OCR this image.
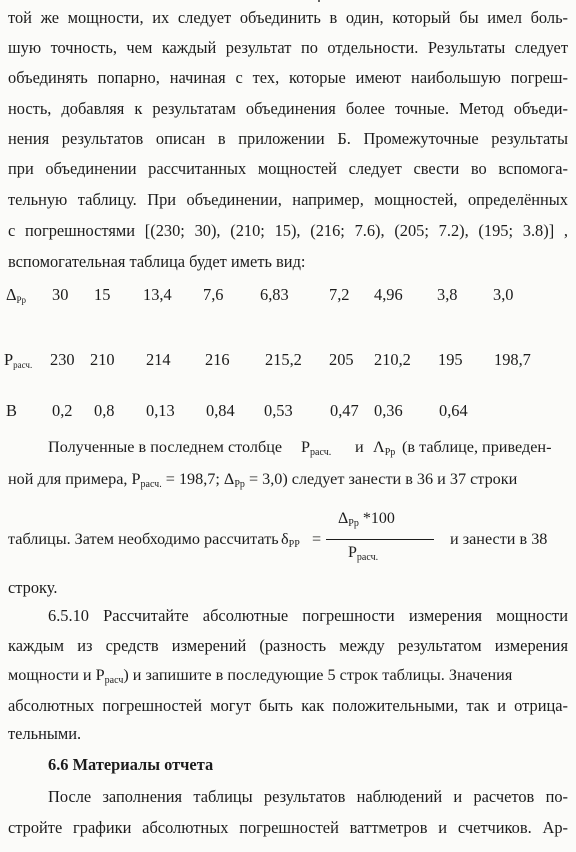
той же мощности, их следует объединить в один, который бы имел боль-
шую точность, чем каждый результат по отдельности. Результаты следует
объединять попарно, начиная с тех, которые имеют наибольшую погреш-
ность, добавляя к результатам объединения более точные. Метод объеди-
нения результатов описан в приложении Б. Промежуточные результаты
при объединении рассчитанных мощностей следует свести во вспомога-
тельную таблицу. При объединении, например, мощностей, определённых
с погрешностями [(230; 30), (210; 15), (216; 7.6), (205; 7.2), (195; 3.8)] ,
вспомогательная таблица будет иметь вид:
$\Delta_{Pp}$ 30 15 13,4 7,6 6,83 7,2 4,96 3,8 3,0
$P_{расч.}$ 230 210 214 216 215,2 205 210,2 195 198,7
B 0,2 0,8 0,13 0,84 0,53 0,47 0,36 0,64
Полученные в последнем столбце $P_{расч.}$ и $\Lambda_{Pp}$ (в таблице, приведен-
ной для примера, $P_{расч.} = 198,7$; $\Delta_{Pp} = 3,0$) следует занести в 36 и 37 строки
таблицы. Затем необходимо рассчитать $\delta_{PP}$ =	и занести в 38
$\Delta_{Pp}$ *100
$P_{расч.}$
строку.
6.5.10 Рассчитайте абсолютные погрешности измерения мощности
каждым из средств измерений (разность между результатом измерения
мощности и $P_{расч}$) и запишите в последующие 5 строк таблицы. Значения
абсолютных погрешностей могут быть как положительными, так и отрица-
тельными.
6.6 Материалы отчета
После заполнения таблицы результатов наблюдений и расчетов по-
стройте графики абсолютных погрешностей ваттметров и счетчиков. Ар-
